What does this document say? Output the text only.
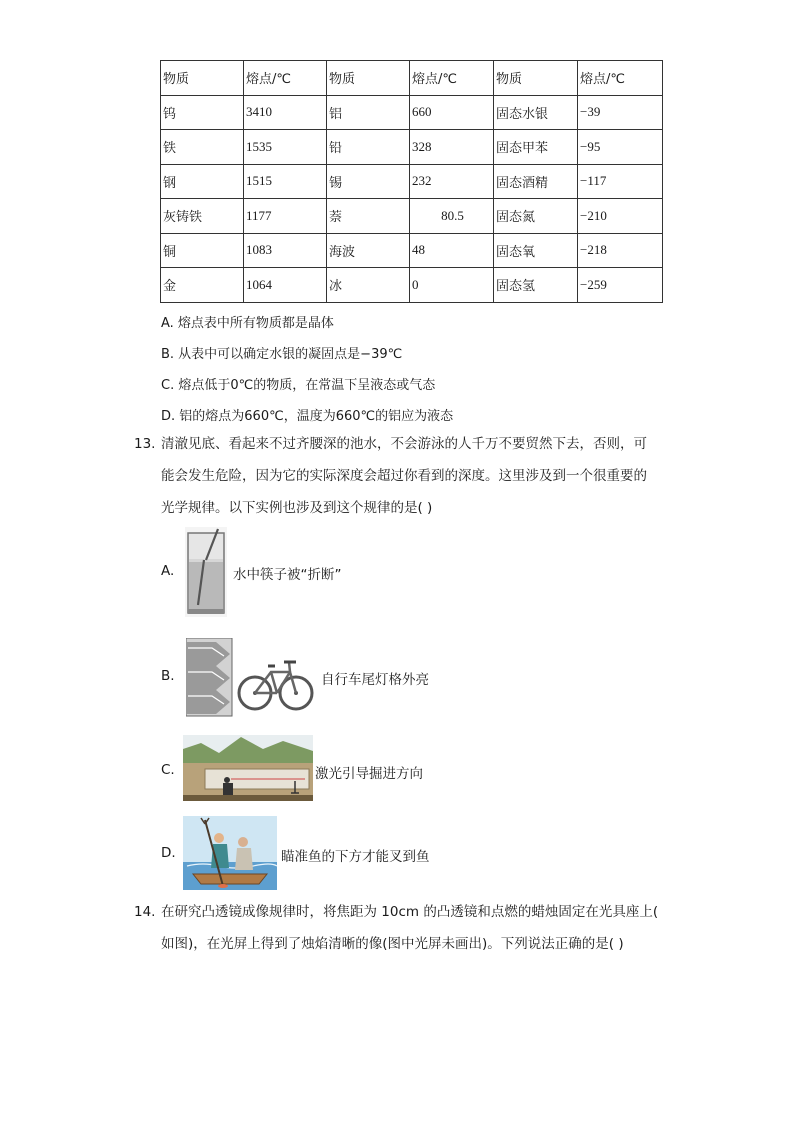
物质	熔点/℃	物质	熔点/℃	物质	熔点/℃
钨	3410	铝	660	固态水银	−39
铁	1535	铅	328	固态甲苯	−95
钢	1515	锡	232	固态酒精	−117
灰铸铁	1177	萘	80.5	固态氮	−210
铜	1083	海波	48	固态氧	−218
金	1064	冰	0	固态氢	−259
A. 熔点表中所有物质都是晶体
B. 从表中可以确定水银的凝固点是−39℃
C. 熔点低于0℃的物质，在常温下呈液态或气态
D. 铝的熔点为660℃，温度为660℃的铝应为液态
13. 清澈见底、看起来不过齐腰深的池水，不会游泳的人千万不要贸然下去，否则，可
能会发生危险，因为它的实际深度会超过你看到的深度。这里涉及到一个很重要的
光学规律。以下实例也涉及到这个规律的是( )
A.	水中筷子被“折断”
B.	自行车尾灯格外亮
C.	激光引导掘进方向
D.	瞄准鱼的下方才能叉到鱼
14. 在研究凸透镜成像规律时，将焦距为 10cm 的凸透镜和点燃的蜡烛固定在光具座上(
如图)，在光屏上得到了烛焰清晰的像(图中光屏未画出)。下列说法正确的是( )
